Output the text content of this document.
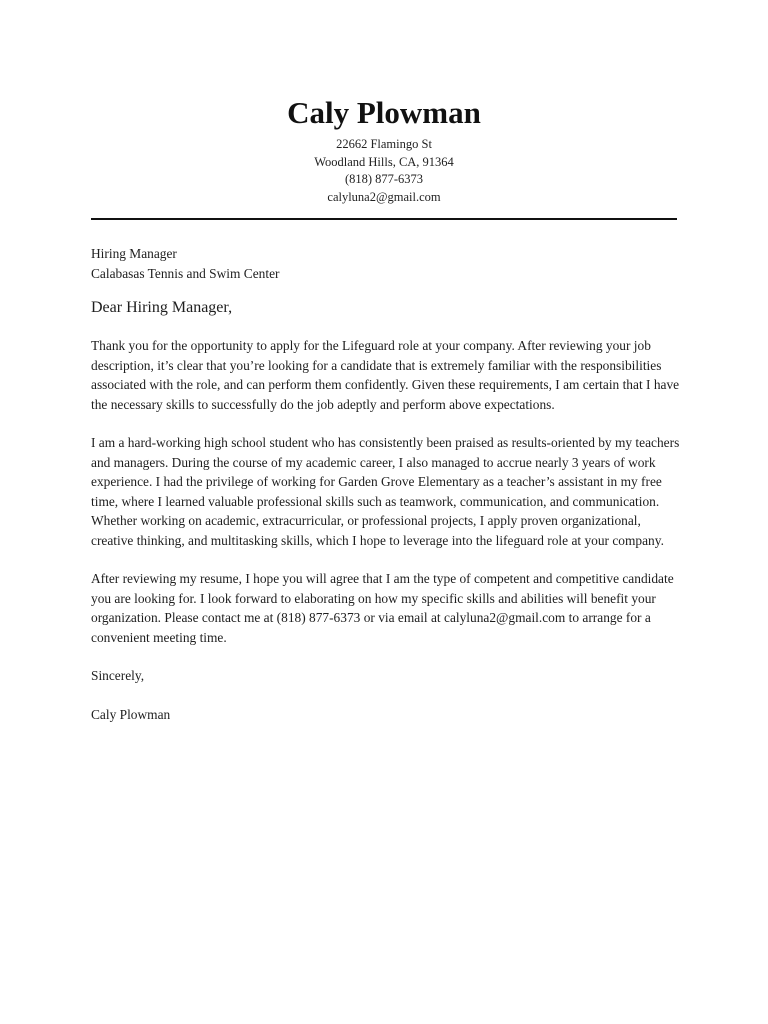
Caly Plowman
22662 Flamingo St
Woodland Hills, CA, 91364
(818) 877-6373
calyluna2@gmail.com
Hiring Manager
Calabasas Tennis and Swim Center
Dear Hiring Manager,
Thank you for the opportunity to apply for the Lifeguard role at your company. After reviewing your job description, it’s clear that you’re looking for a candidate that is extremely familiar with the responsibilities associated with the role, and can perform them confidently. Given these requirements, I am certain that I have the necessary skills to successfully do the job adeptly and perform above expectations.
I am a hard-working high school student who has consistently been praised as results-oriented by my teachers and managers. During the course of my academic career, I also managed to accrue nearly 3 years of work experience. I had the privilege of working for Garden Grove Elementary as a teacher’s assistant in my free time, where I learned valuable professional skills such as teamwork, communication, and communication. Whether working on academic, extracurricular, or professional projects, I apply proven organizational, creative thinking, and multitasking skills, which I hope to leverage into the lifeguard role at your company.
After reviewing my resume, I hope you will agree that I am the type of competent and competitive candidate you are looking for. I look forward to elaborating on how my specific skills and abilities will benefit your organization. Please contact me at (818) 877-6373 or via email at calyluna2@gmail.com to arrange for a convenient meeting time.
Sincerely,
Caly Plowman
